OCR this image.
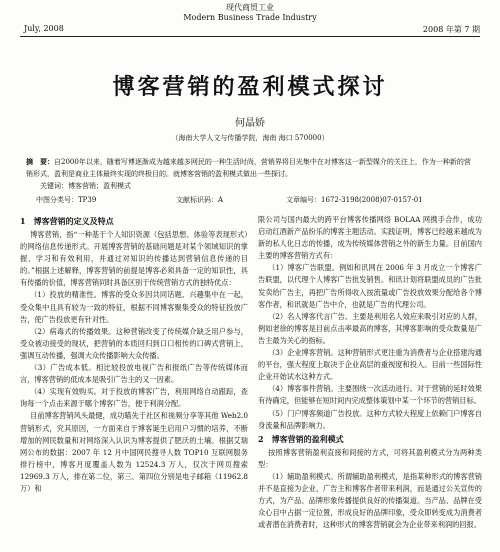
现代商贸工业
Modern Business Trade Industry
July, 2008	2008 年第 7 期
博客营销的盈利模式探讨
何晶娇
（海南大学人文与传播学院，海南 海口 570000）
摘　要：自2000年以来，随着写博逐渐成为越来越多网民的一种生活时尚，营销界将目光集中在对博客这一新型媒介的关注上，作为一种新的营销形式，盈利是商业主体最终实现的终极目的。就博客营销的盈利模式做出一些探讨。
关键词：博客营销；盈利模式
中图分类号：TP39	文献标识码：A	文章编号：1672-3198(2008)07-0157-01
1　博客营销的定义及特点

博客营销，指“一种基于个人知识资源（包括思想、体验等表现形式）的网络信息传递形式。开展博客营销的基础问题是对某个领域知识的掌握、学习和有效利用，并通过对知识的传播达到营销信息传递的目的。”根据上述解释，博客营销的前提是博客必须具备一定的知识性，具有传播的价值，博客营销同时具备区别于传统营销方式的独特优点：

（1）投放的精准性。博客的受众多因共同话题、兴趣集中在一起，受众集中且具有较为一致的特征，根据不同博客聚集受众的特征投放广告，使广告投放更有针对性。

（2）病毒式的传播效果。这种营销改变了传统媒介缺乏用户参与，受众被动接受的现状，把营销的本质回归到口口相传的口碑式营销上，强调互动传播，强调大众传播影响大众传播。

（3）广告成本低。相比较投放电视广告和报纸广告等传统媒体而言，博客营销的低成本是吸引广告主的又一因素。

（4）实现有效购买。对于投放的博客广告，利用网络自动跟踪，查询每一个点击来源于哪个博客广告，便于利润分配。

目前博客营销风头最健，成功瞄先于社区和视频分享等其他 Web2.0 营销形式，究其原因，一方面来自于博客诞生启用户习惯的培养，不断增加的网民数量和对网络深入认识为博客提供了肥沃的土壤。根据艾瑞网公布的数据：2007 年 12 月中国网民搜寻人数 TOP10 互联网服务排行榜中，博客月度覆盖人数为 12524.3 万人，仅次于网页搜索 12969.3 万人，排在第二位，第三、第四位分别是电子邮箱（11962.8 万）和

限公司与国内最大的跨平台博客传播网络 BOLAA 网携手合作，成功启动红酒新产品纷乐的博客主题活动。实践证明，博客已经越来越成为新的私人化日志的传播，成为传统媒体营销之外的新生力量。目前国内主要的博客营销方式有：

（1）博客广告联盟。例如和讯网在 2006 年 3 月成立一个博客广告联盟，以代理个人博客广告批发销售。和讯计划将联盟成员的广告批发卖给广告主，再把广告所得收入按流量或广告投放效果分配给各个博客作者，和讯就是广告中介，也就是广告的代理公司。

（2）名人博客代言广告。主要是利用名人效应来吸引对应的人群，例如老徐的博客是目前点击率最高的博客，其博客影响的受众数量是广告主最为关心的指标。

（3）企业博客营销。这种营销形式更注重为消费者与企业搭建沟通的平台，强大程度上取决于企业高层的重视度和投入。目前一些国际性企业开始试水这种方式。

（4）博客事件营销。主要围绕一次活动进行。对于营销的延时效果有待确定，但能够在短时间内完成整体策划中某一个环节的营销目标。

（5）门户博客频道广告投放。这种方式较大程度上依赖门户博客自身流量和品牌影响力。

2　博客营销的盈利模式

按照博客营销盈利直接和间接的方式，可将其盈利模式分为两种类型：

（1）辅助盈利模式。所谓辅助盈利模式，是指某种形式的博客营销并不是直接为企业、广告主和博客作者带来利润，而是通过公关宣传的方式，为产品、品牌形象传播提供良好的传播渠道。当产品、品牌在受众心目中占据一定位置，形成良好的品牌印象，受众即转变成为消费者或者潜在消费者时，这种形式的博客营销就会为企业带来利润的回报。
